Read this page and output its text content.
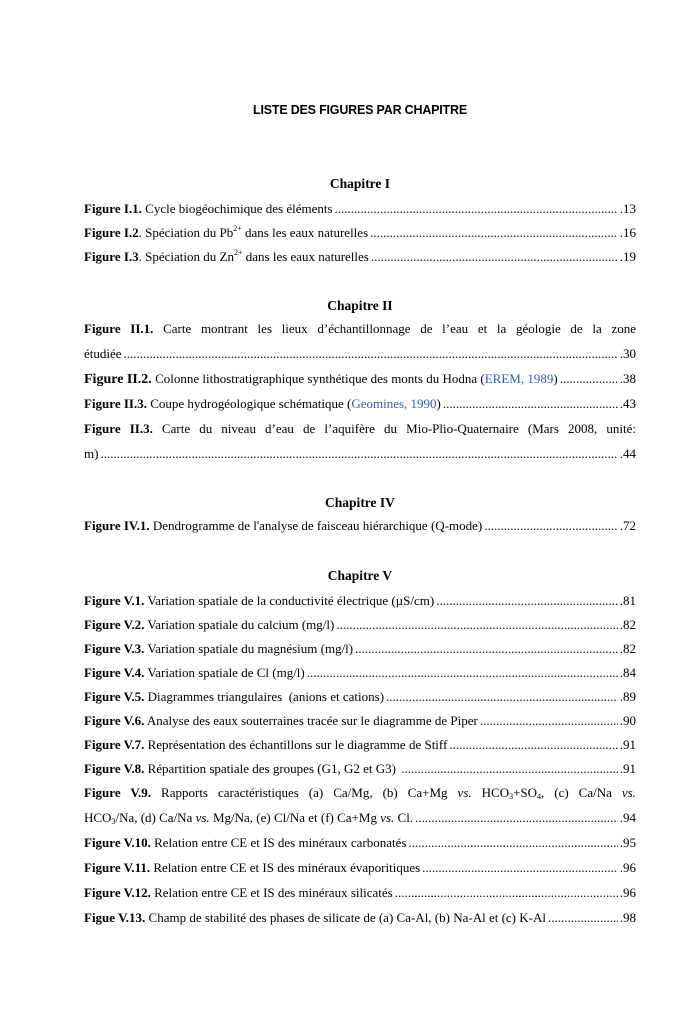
LISTE DES FIGURES PAR CHAPITRE
Chapitre I
Figure I.1. Cycle biogéochimique des éléments .....	.13
Figure I.2. Spéciation du $Pb^{2+}$ dans les eaux naturelles .....	.16
Figure I.3. Spéciation du $Zn^{2+}$ dans les eaux naturelles .....	.19
Chapitre II
Figure II.1. Carte montrant les lieux d’échantillonnage de l’eau et la géologie de la zone
étudiée .....	.30
Figure II.2. Colonne lithostratigraphique synthétique des monts du Hodna (EREM, 1989) .....	.38
Figure II.3. Coupe hydrogéologique schématique (Geomines, 1990) .....	.43
Figure II.3. Carte du niveau d’eau de l’aquifère du Mio-Plio-Quaternaire (Mars 2008, unité:
m) .....	.44
Chapitre IV
Figure IV.1. Dendrogramme de l'analyse de faisceau hiérarchique (Q-mode) .....	.72
Chapitre V
Figure V.1. Variation spatiale de la conductivité électrique (µS/cm) .....	.81
Figure V.2. Variation spatiale du calcium (mg/l) .....	.82
Figure V.3. Variation spatiale du magnésium (mg/l) .....	.82
Figure V.4. Variation spatiale de Cl (mg/l) .....	.84
Figure V.5. Diagrammes triangulaires  (anions et cations) .....	.89
Figure V.6. Analyse des eaux souterraines tracée sur le diagramme de Piper .....	.90
Figure V.7. Représentation des échantillons sur le diagramme de Stiff .....	.91
Figure V.8. Répartition spatiale des groupes (G1, G2 et G3) .....	.91
Figure V.9. Rapports caractéristiques (a) Ca/Mg, (b) Ca+Mg vs. $HCO_3+SO_4$, (c) Ca/Na vs.
$HCO_3/Na$, (d) Ca/Na vs. Mg/Na, (e) Cl/Na et (f) Ca+Mg vs. Cl. .....	.94
Figure V.10. Relation entre CE et IS des minéraux carbonatés .....	.95
Figure V.11. Relation entre CE et IS des minéraux évaporitiques .....	.96
Figure V.12. Relation entre CE et IS des minéraux silicatés .....	.96
Figue V.13. Champ de stabilité des phases de silicate de (a) Ca-Al, (b) Na-Al et (c) K-Al .....	.98
